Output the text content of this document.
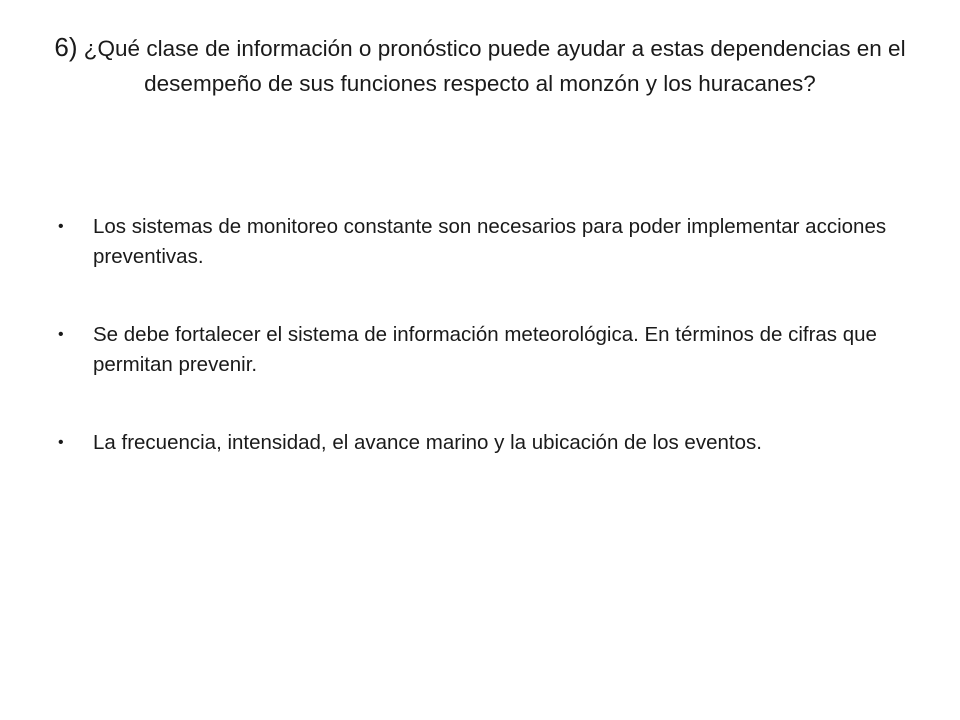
6) ¿Qué clase de información o pronóstico puede ayudar a estas dependencias en el desempeño de sus funciones respecto al monzón y los huracanes?
• Los sistemas de monitoreo constante son necesarios para poder implementar acciones preventivas.
• Se debe fortalecer el sistema de información meteorológica. En términos de cifras que permitan prevenir.
• La frecuencia, intensidad, el avance marino y la ubicación de los eventos.
